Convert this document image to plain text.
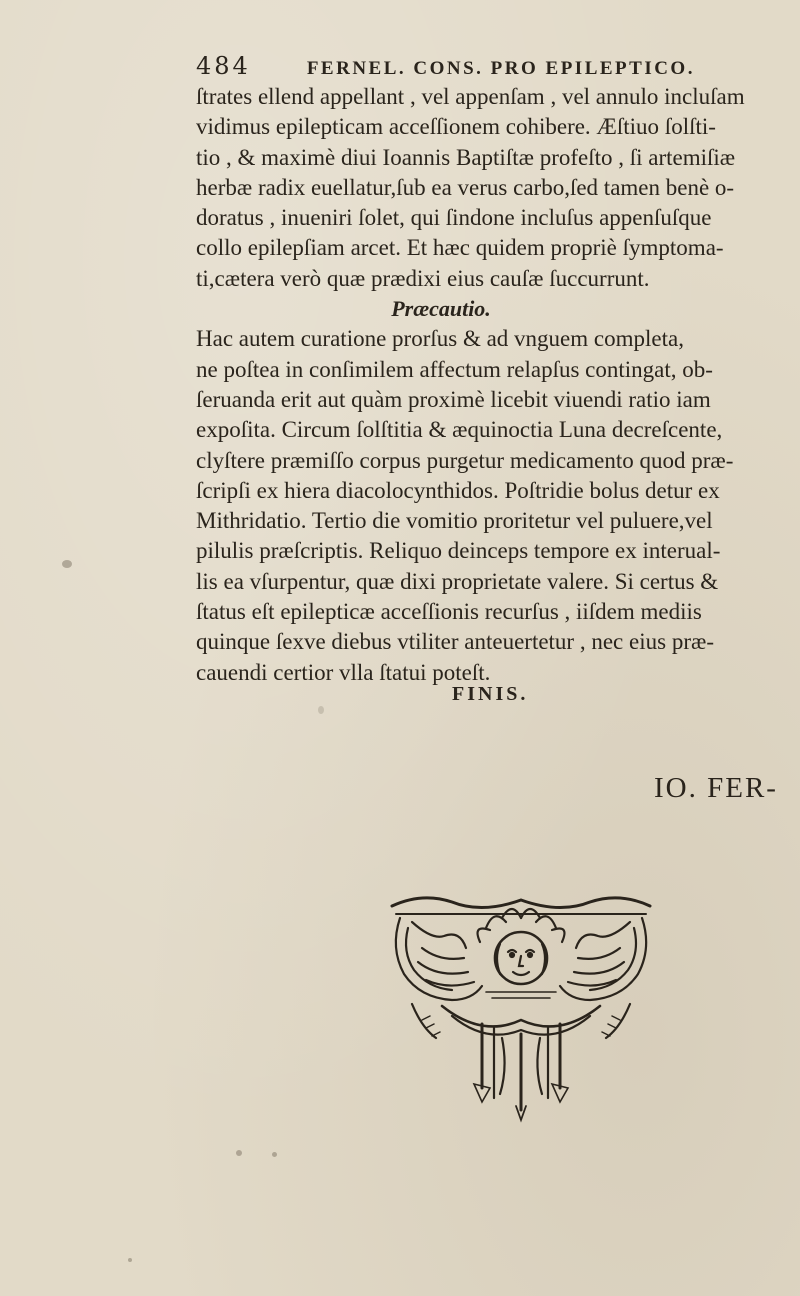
484	FERNEL. CONS. PRO EPILEPTICO.
ſtrates ellend appellant , vel appenſam , vel annulo incluſam
vidimus epilepticam acceſſionem cohibere. Æſtiuo ſolſti-
tio , & maximè diui Ioannis Baptiſtæ profeſto , ſi artemiſiæ
herbæ radix euellatur,ſub ea verus carbo,ſed tamen benè o-
doratus , inueniri ſolet, qui ſindone incluſus appenſuſque
collo epilepſiam arcet. Et hæc quidem propriè ſymptoma-
ti,cætera verò quæ prædixi eius cauſæ ſuccurrunt.
Præcautio.
Hac autem curatione prorſus & ad vnguem completa,
ne poſtea in conſimilem affectum relapſus contingat, ob-
ſeruanda erit aut quàm proximè licebit viuendi ratio iam
expoſita. Circum ſolſtitia & æquinoctia Luna decreſcente,
clyſtere præmiſſo corpus purgetur medicamento quod præ-
ſcripſi ex hiera diacolocynthidos. Poſtridie bolus detur ex
Mithridatio. Tertio die vomitio proritetur vel puluere,vel
pilulis præſcriptis. Reliquo deinceps tempore ex interual-
lis ea vſurpentur, quæ dixi proprietate valere. Si certus &
ſtatus eſt epilepticæ acceſſionis recurſus , iiſdem mediis
quinque ſexve diebus vtiliter anteuertetur , nec eius præ-
cauendi certior vlla ſtatui poteſt.
FINIS.
IO. FER-
